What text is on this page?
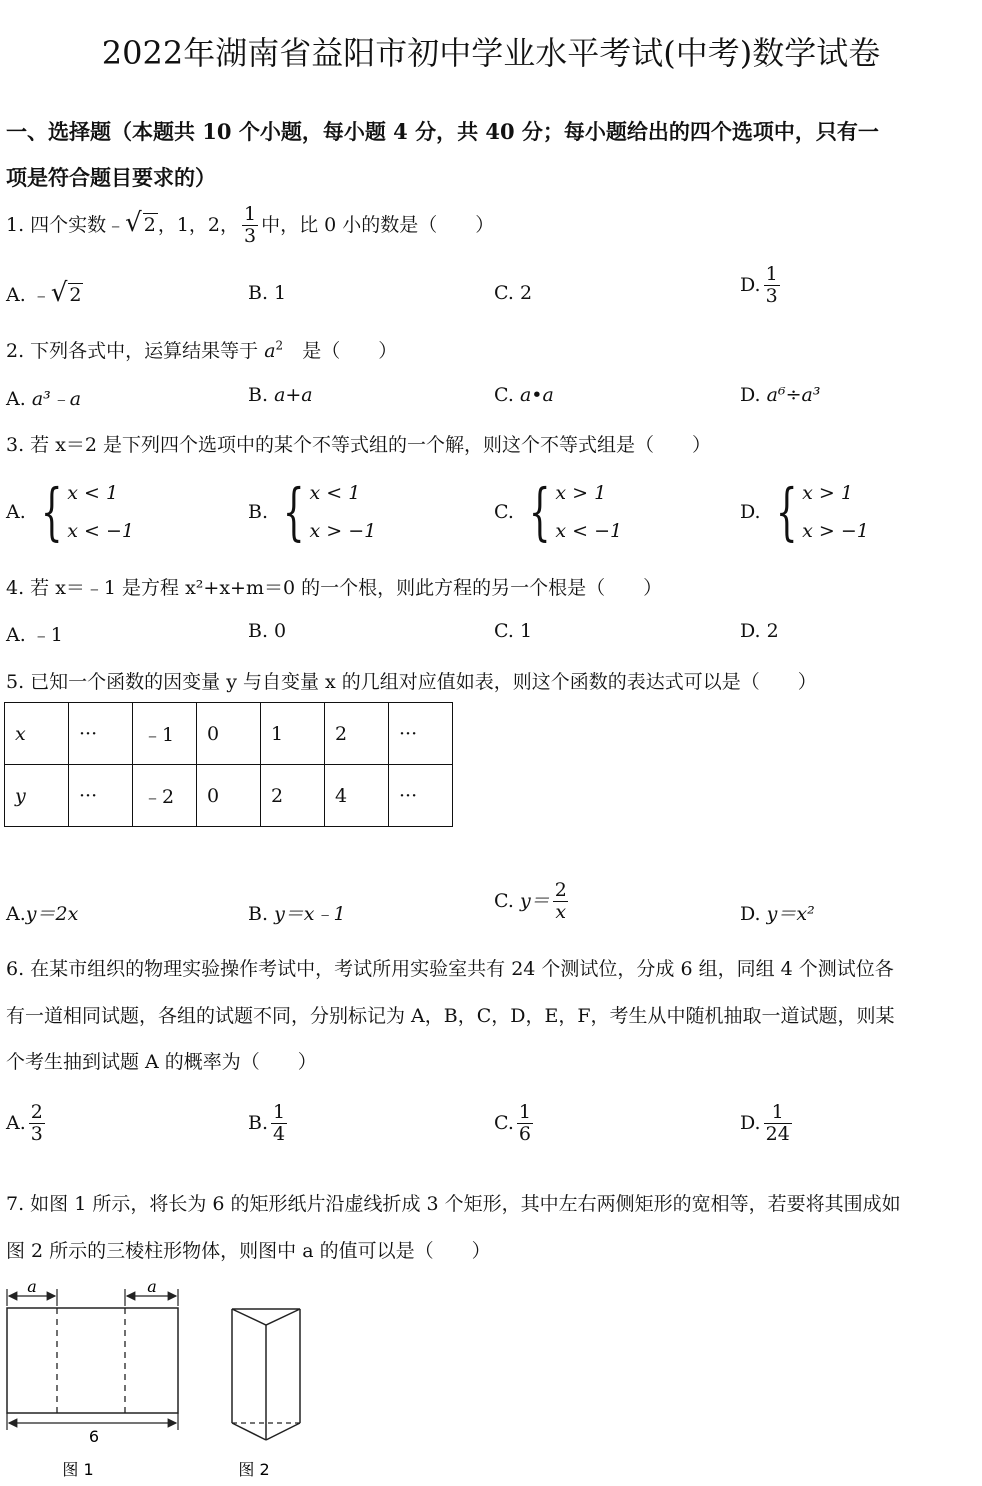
2022年湖南省益阳市初中学业水平考试(中考)数学试卷
一、选择题（本题共 10 个小题，每小题 4 分，共 40 分；每小题给出的四个选项中，只有一
项是符合题目要求的）
1. 四个实数﹣√ 2 ，1，2， $\frac{1}{3}$ 中，比 0 小的数是（　　）
A. ﹣√ 2	B. 1	C. 2	D. $\frac{1}{3}$
2. 下列各式中，运算结果等于 $a^2$　 是（　　）
A. a³﹣a	B. a+a	C. a•a	D. a⁶÷a³
3. 若 x＝2 是下列四个选项中的某个不等式组的一个解，则这个不等式组是（　　）
A. { x < 1
x < −1
B. { x < 1
x > −1
C. { x > 1
x < −1
D. { x > 1
x > −1
4. 若 x＝﹣1 是方程 x²+x+m＝0 的一个根，则此方程的另一个根是（　　）
A. ﹣1	B. 0	C. 1	D. 2
5. 已知一个函数的因变量 y 与自变量 x 的几组对应值如表，则这个函数的表达式可以是（　　）
x	···	﹣1	0	1	2	···
y	···	﹣2	0	2	4	···
A.y＝2x	B. y＝x﹣1
C. $y= \frac{2}{x}$	D. y＝x²
6. 在某市组织的物理实验操作考试中，考试所用实验室共有 24 个测试位，分成 6 组，同组 4 个测试位各
有一道相同试题，各组的试题不同，分别标记为 A，B，C，D，E，F，考生从中随机抽取一道试题，则某
个考生抽到试题 A 的概率为（　　）
A. $\frac{2}{3}$	B. $\frac{1}{4}$	C. $\frac{1}{6}$	D. $\frac{1}{24}$
7. 如图 1 所示，将长为 6 的矩形纸片沿虚线折成 3 个矩形，其中左右两侧矩形的宽相等，若要将其围成如
图 2 所示的三棱柱形物体，则图中 a 的值可以是（　　）
a	a
6
图 1	图 2
